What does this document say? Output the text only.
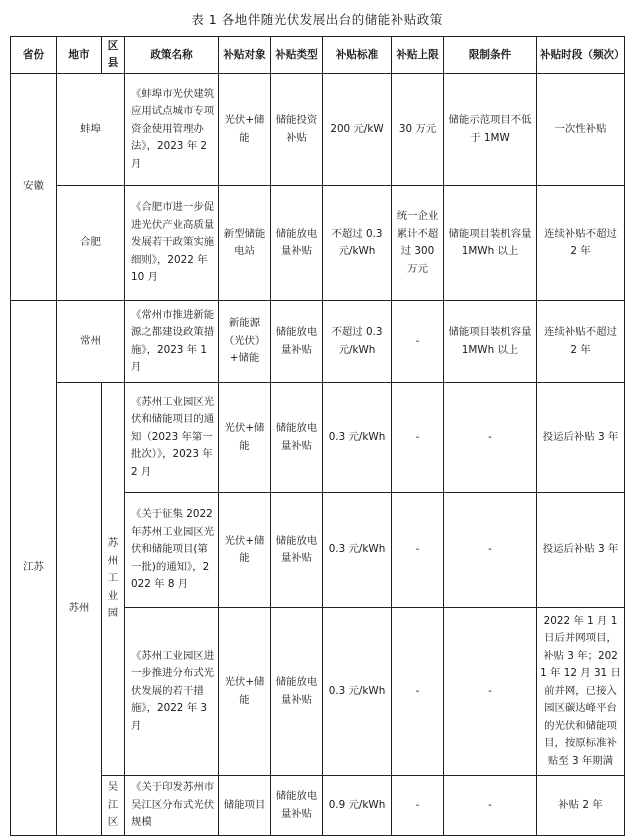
表 1 各地伴随光伏发展出台的储能补贴政策
省份	地市	区县	政策名称	补贴对象	补贴类型	补贴标准	补贴上限	限制条件	补贴时段（频次）
安徽	蚌埠		《蚌埠市光伏建筑应用试点城市专项资金使用管理办法》，2023 年 2 月	光伏+储能	储能投资补贴	200 元/kW	30 万元	储能示范项目不低于 1MW	一次性补贴
	合肥		《合肥市进一步促进光伏产业高质量发展若干政策实施细则》，2022 年 10 月	新型储能电站	储能放电量补贴	不超过 0.3 元/kWh	统一企业累计不超过 300 万元	储能项目装机容量 1MWh 以上	连续补贴不超过 2 年
江苏	常州		《常州市推进新能源之都建设政策措施》，2023 年 1 月	新能源（光伏）+储能	储能放电量补贴	不超过 0.3 元/kWh	-	储能项目装机容量 1MWh 以上	连续补贴不超过 2 年
	苏州	苏州工业园	《苏州工业园区光伏和储能项目的通知（2023 年第一批次）》，2023 年 2 月	光伏+储能	储能放电量补贴	0.3 元/kWh	-	-	投运后补贴 3 年
			《关于征集 2022 年苏州工业园区光伏和储能项目(第一批)的通知》，2022 年 8 月	光伏+储能	储能放电量补贴	0.3 元/kWh	-	-	投运后补贴 3 年
			《苏州工业园区进一步推进分布式光伏发展的若干措施》，2022 年 3 月	光伏+储能	储能放电量补贴	0.3 元/kWh	-	-	2022 年 1 月 1 日后并网项目，补贴 3 年；2021 年 12 月 31 日前并网，已接入园区碳达峰平台的光伏和储能项目，按原标准补贴至 3 年期满
		吴江区	《关于印发苏州市吴江区分布式光伏规模	储能项目	储能放电量补贴	0.9 元/kWh	-	-	补贴 2 年
